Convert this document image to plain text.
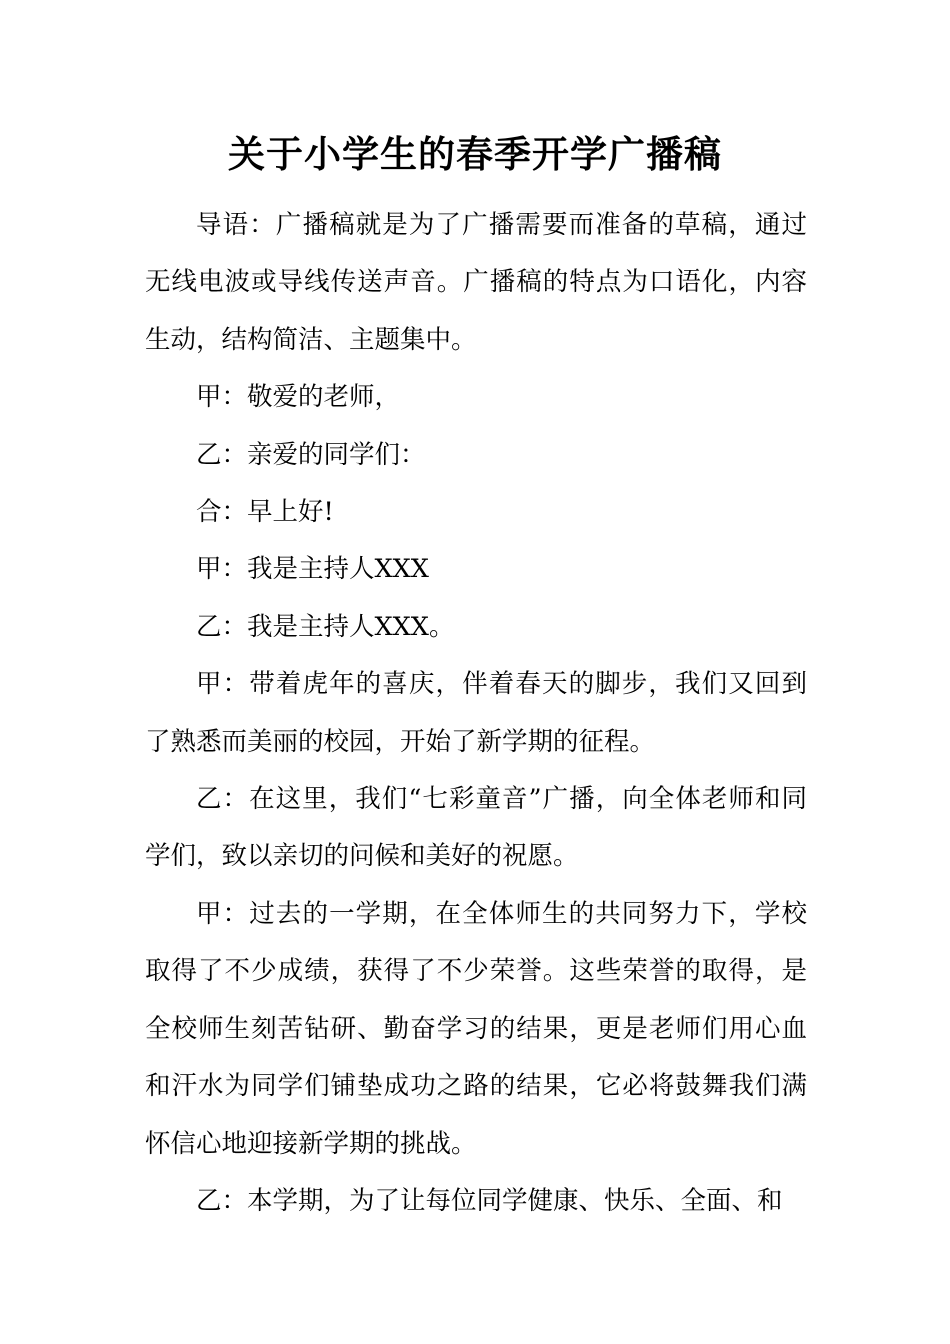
关于小学生的春季开学广播稿

导语：广播稿就是为了广播需要而准备的草稿，通过无线电波或导线传送声音。广播稿的特点为口语化，内容生动，结构简洁、主题集中。

甲：敬爱的老师，

乙：亲爱的同学们：

合：早上好!

甲：我是主持人XXX

乙：我是主持人XXX。

甲：带着虎年的喜庆，伴着春天的脚步，我们又回到了熟悉而美丽的校园，开始了新学期的征程。

乙：在这里，我们“七彩童音”广播，向全体老师和同学们，致以亲切的问候和美好的祝愿。

甲：过去的一学期，在全体师生的共同努力下，学校取得了不少成绩，获得了不少荣誉。这些荣誉的取得，是全校师生刻苦钻研、勤奋学习的结果，更是老师们用心血和汗水为同学们铺垫成功之路的结果，它必将鼓舞我们满怀信心地迎接新学期的挑战。

乙：本学期，为了让每位同学健康、快乐、全面、和
